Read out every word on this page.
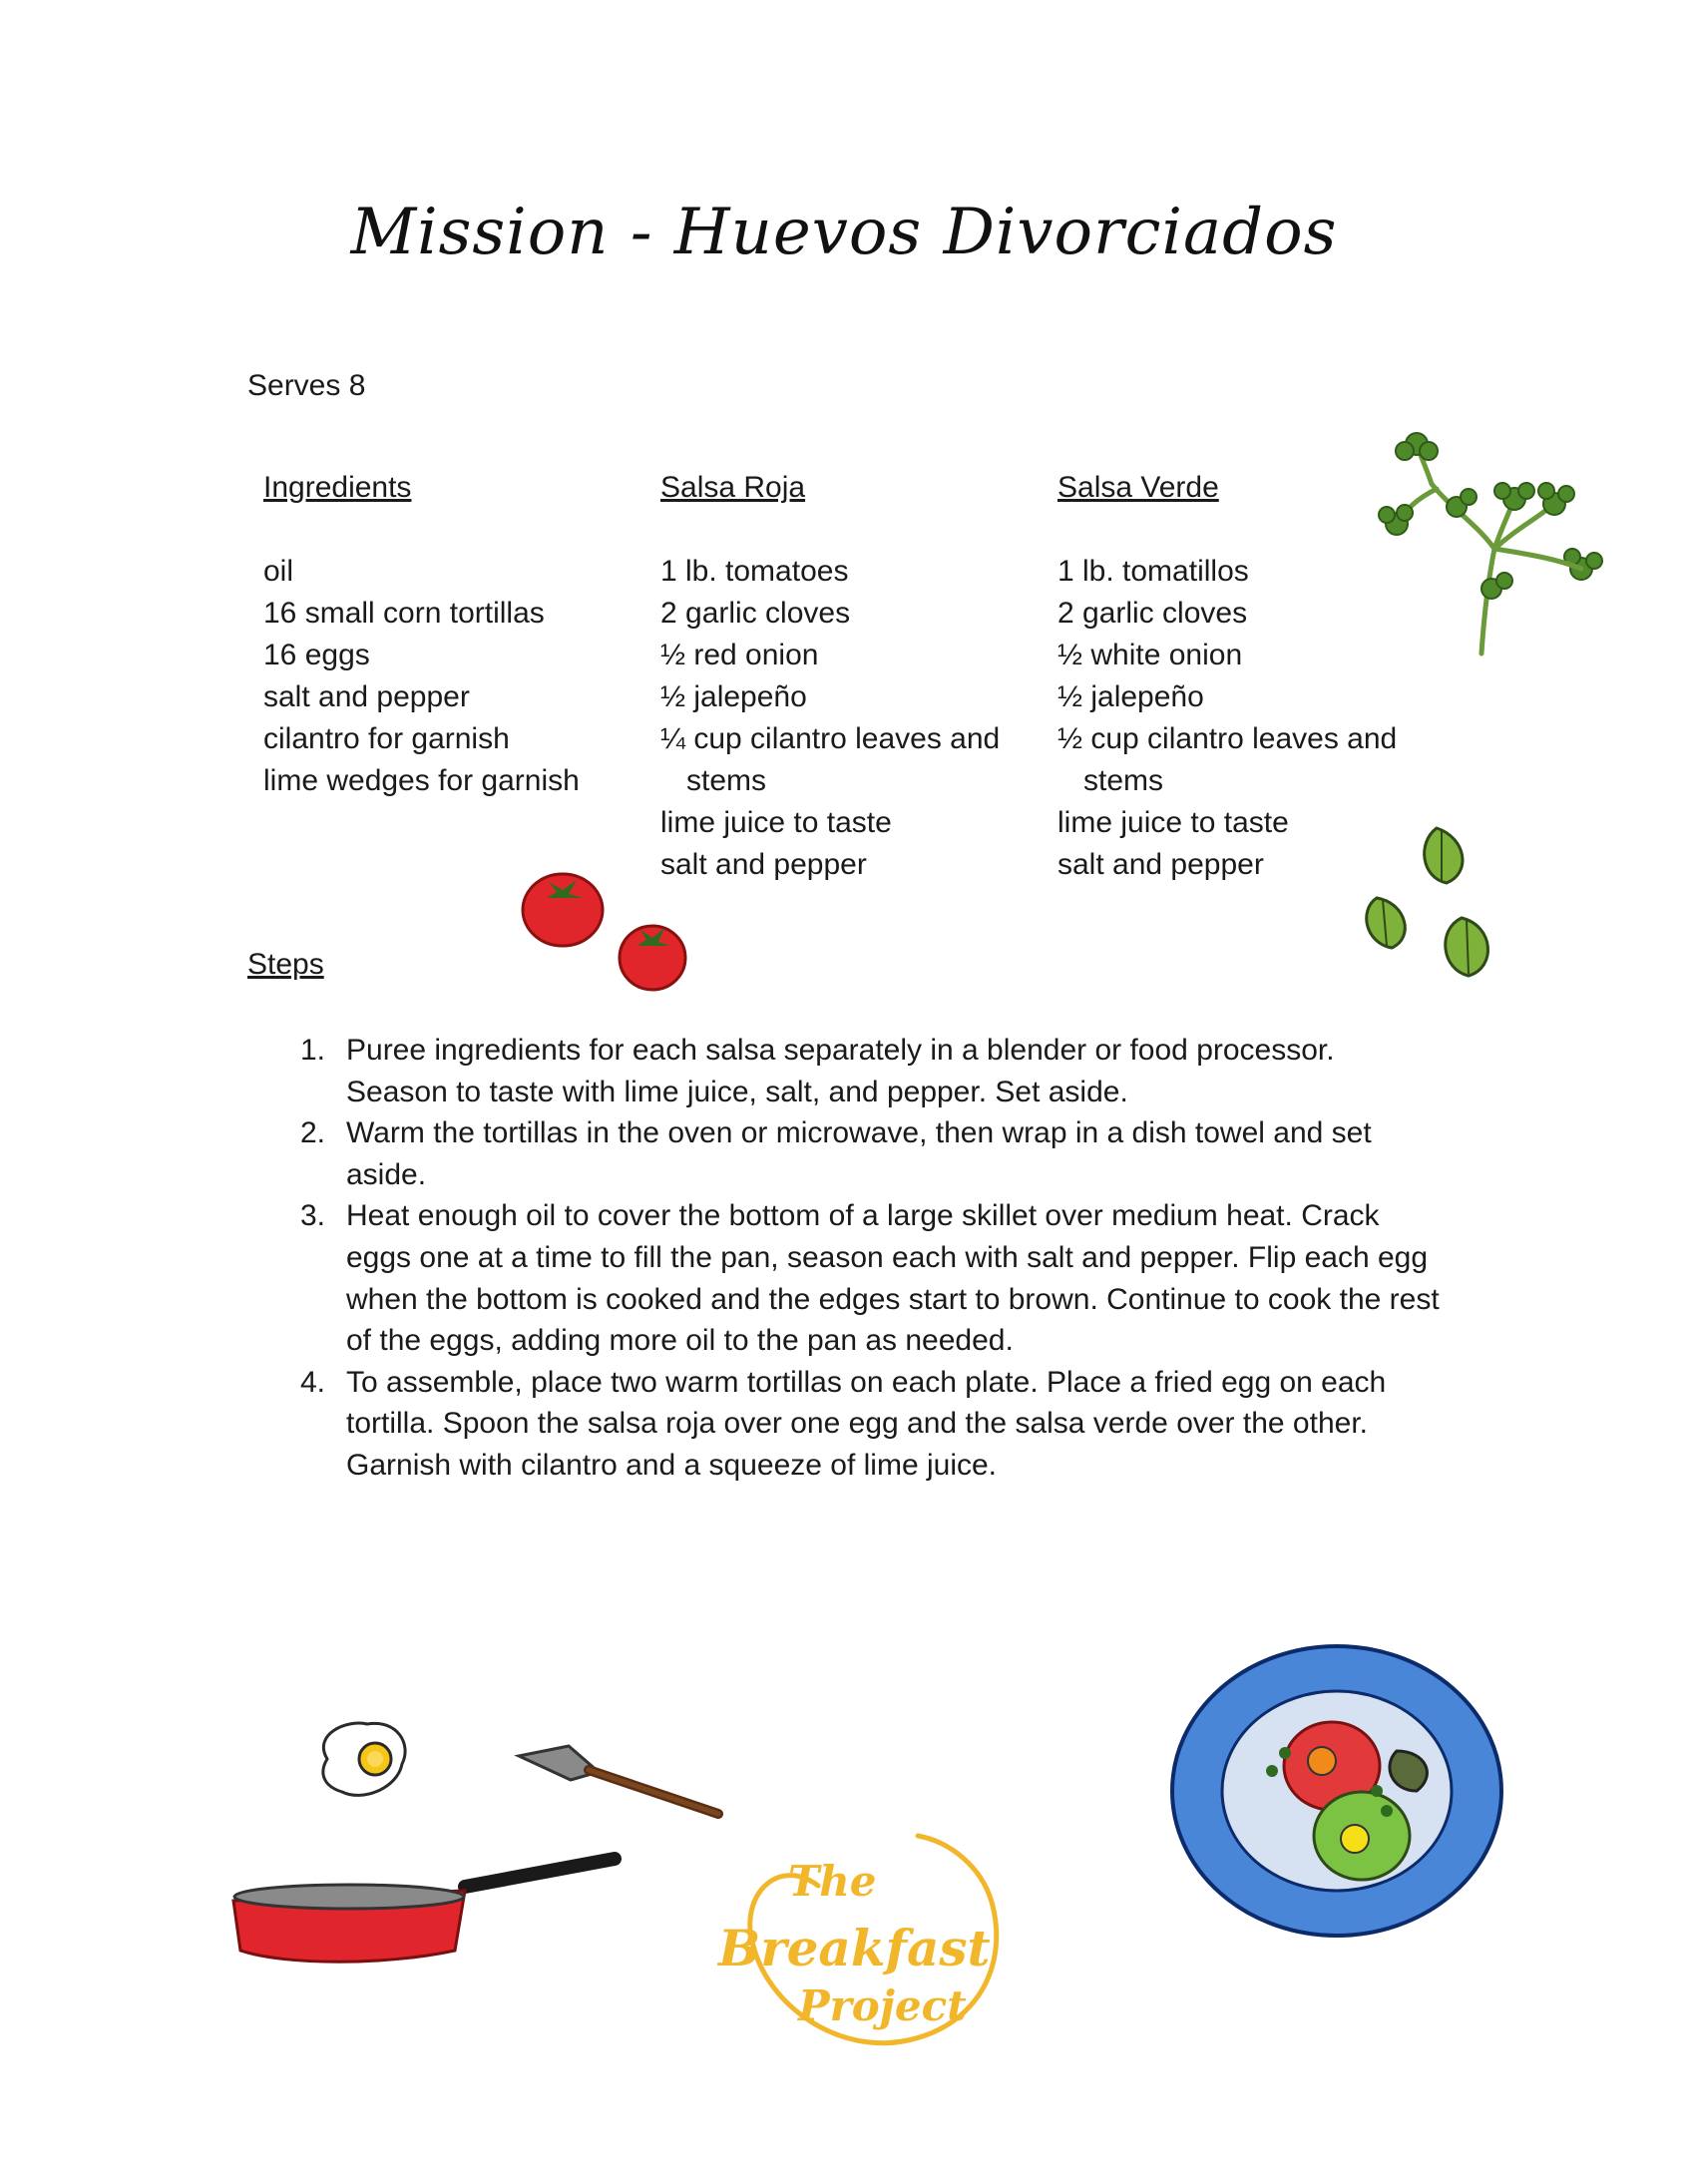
Mission - Huevos Divorciados
Serves 8
Ingredients
oil
16 small corn tortillas
16 eggs
salt and pepper
cilantro for garnish
lime wedges for garnish
Salsa Roja
1 lb. tomatoes
2 garlic cloves
½ red onion
½ jalepeño
¼ cup cilantro leaves and stems
lime juice to taste
salt and pepper
Salsa Verde
1 lb. tomatillos
2 garlic cloves
½ white onion
½ jalepeño
½ cup cilantro leaves and stems
lime juice to taste
salt and pepper
Steps
1. Puree ingredients for each salsa separately in a blender or food processor. Season to taste with lime juice, salt, and pepper. Set aside.
2. Warm the tortillas in the oven or microwave, then wrap in a dish towel and set aside.
3. Heat enough oil to cover the bottom of a large skillet over medium heat. Crack eggs one at a time to fill the pan, season each with salt and pepper. Flip each egg when the bottom is cooked and the edges start to brown. Continue to cook the rest of the eggs, adding more oil to the pan as needed.
4. To assemble, place two warm tortillas on each plate. Place a fried egg on each tortilla. Spoon the salsa roja over one egg and the salsa verde over the other. Garnish with cilantro and a squeeze of lime juice.
The
Breakfast
Project
